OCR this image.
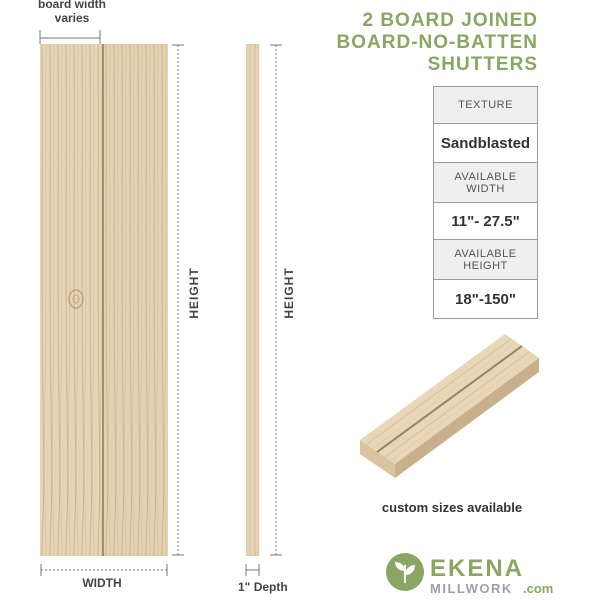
board width
varies
HEIGHT
WIDTH
HEIGHT
1" Depth
2 BOARD JOINED
BOARD-NO-BATTEN
SHUTTERS
TEXTURE
Sandblasted
AVAILABLE
WIDTH
11"- 27.5"
AVAILABLE
HEIGHT
18"-150"
custom sizes available
EKENA
MILLWORK .com
